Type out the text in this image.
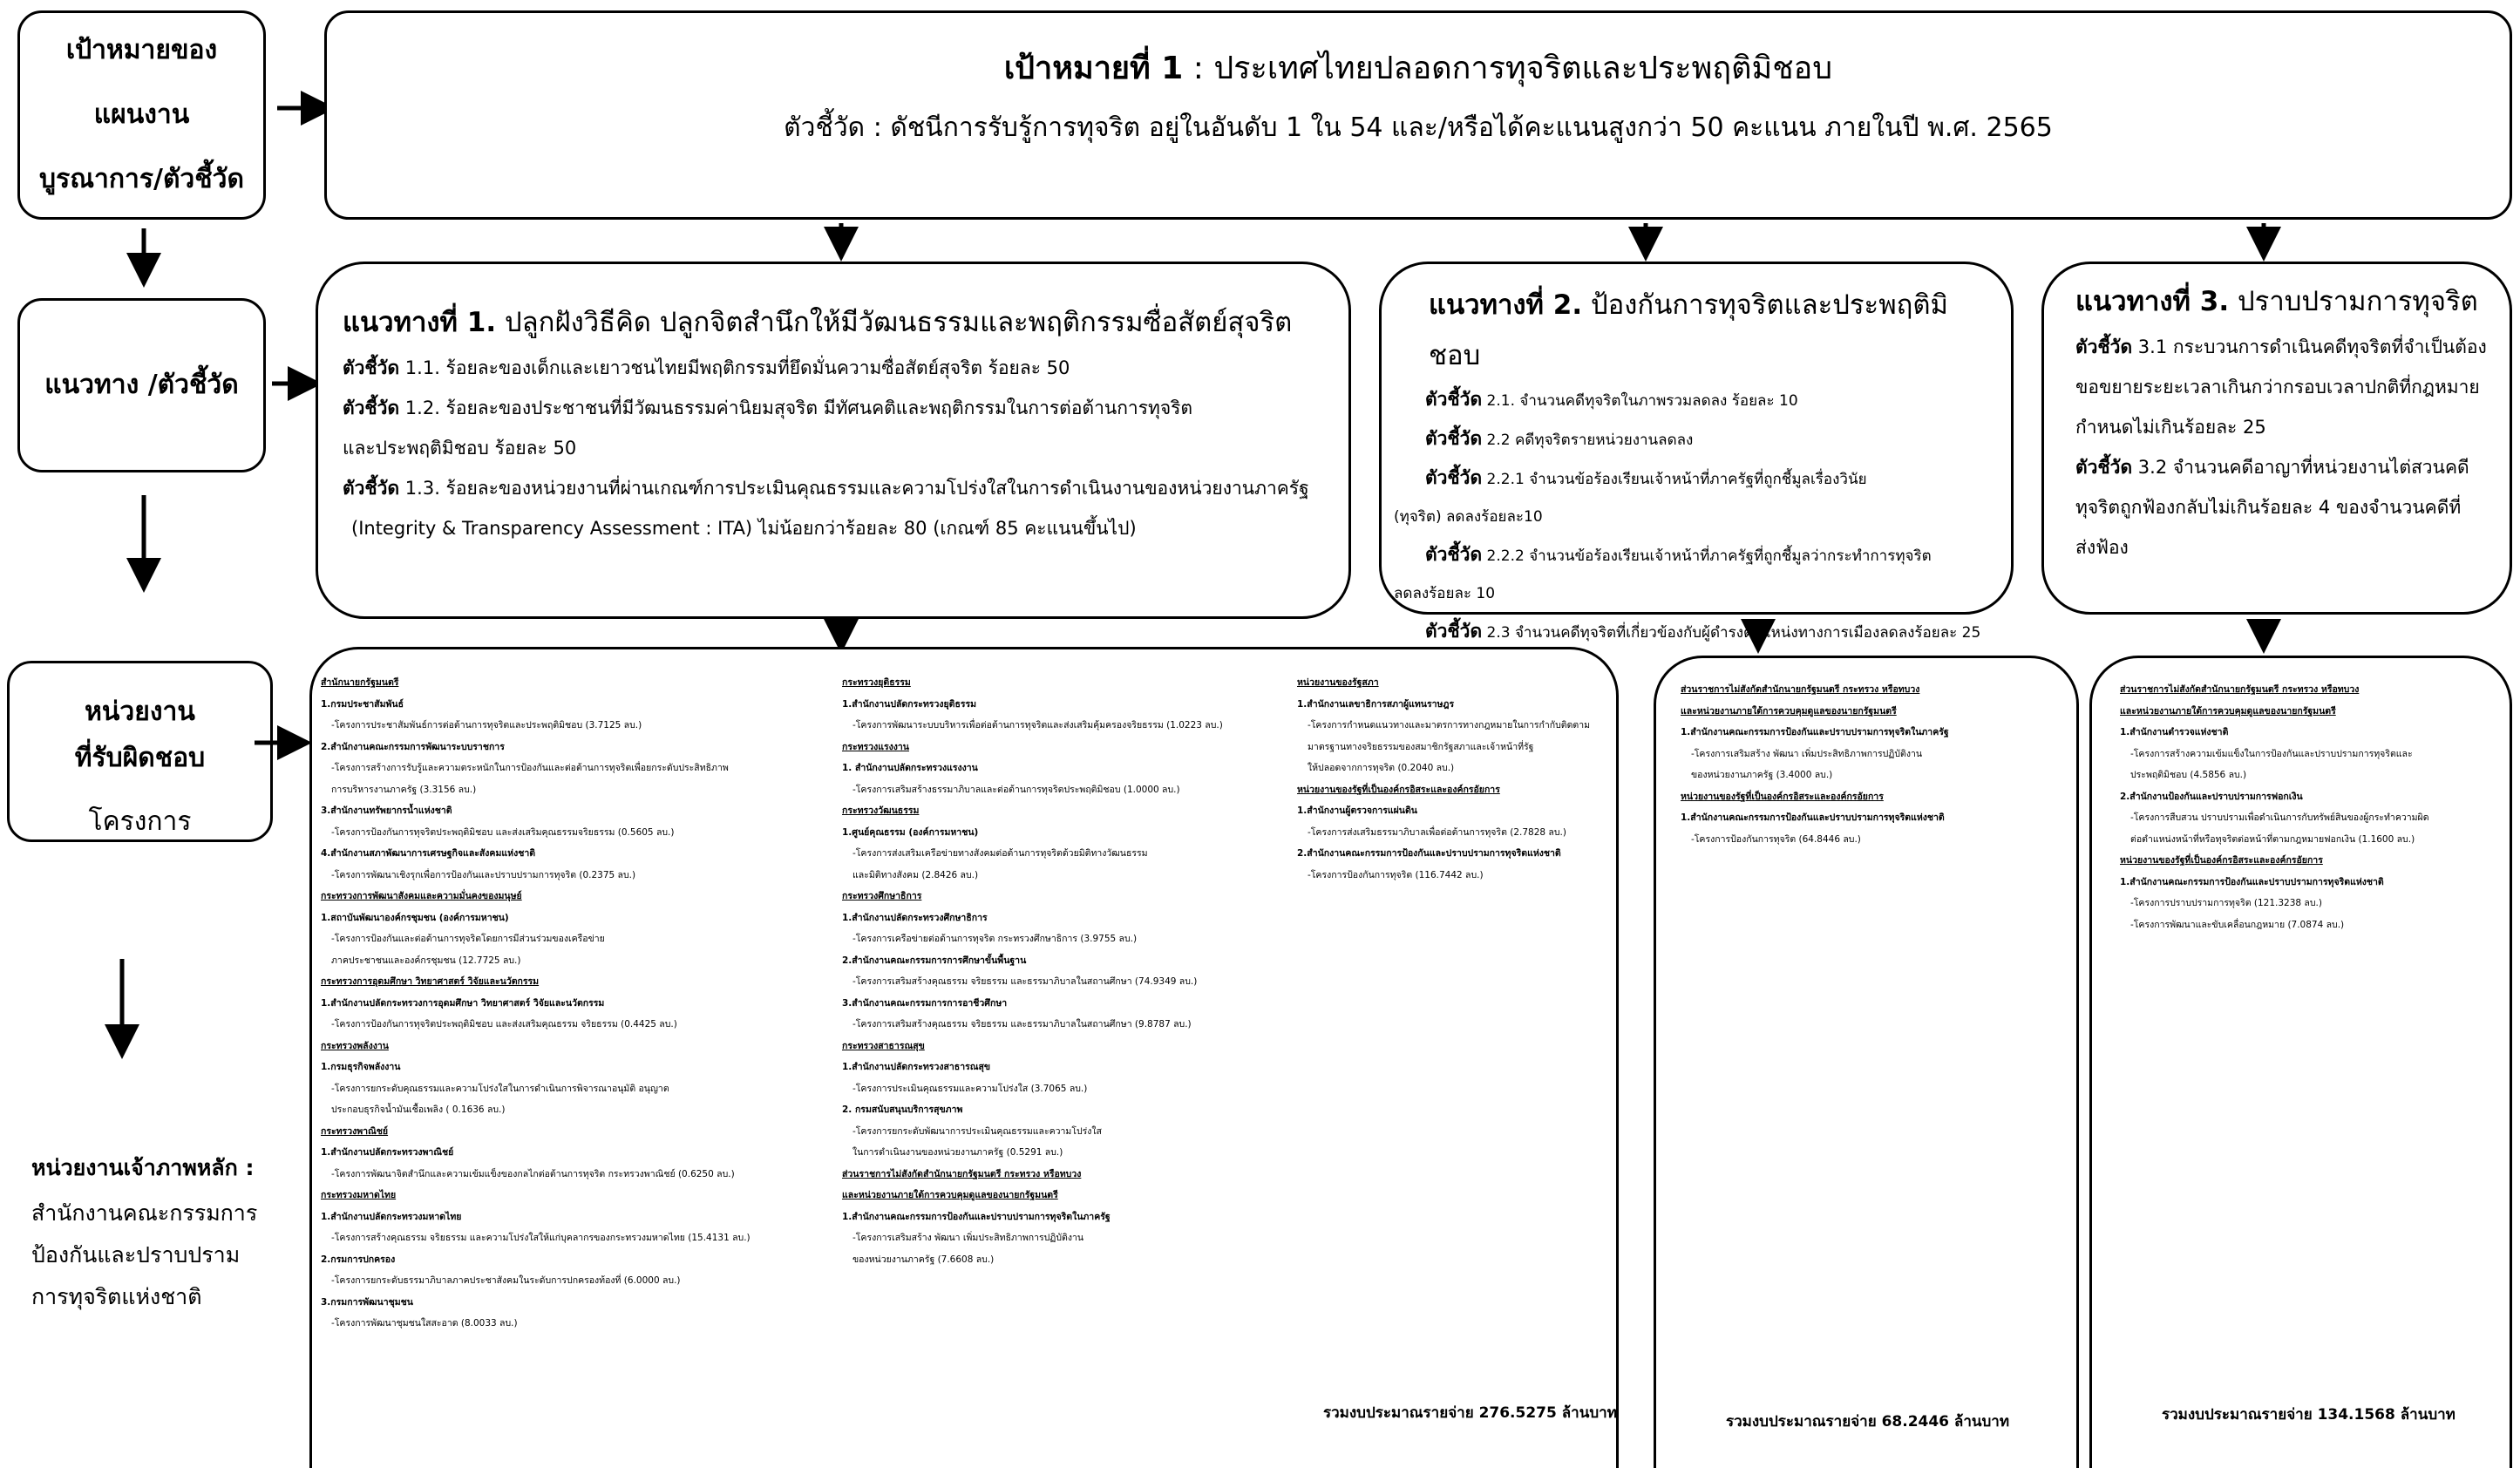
เป้าหมายของ
แผนงาน
บูรณาการ/ตัวชี้วัด
แนวทาง /ตัวชี้วัด
หน่วยงาน
ที่รับผิดชอบ
โครงการ
หน่วยงานเจ้าภาพหลัก :
สำนักงานคณะกรรมการ
ป้องกันและปราบปราม
การทุจริตแห่งชาติ
เป้าหมายที่ 1 : ประเทศไทยปลอดการทุจริตและประพฤติมิชอบ
ตัวชี้วัด : ดัชนีการรับรู้การทุจริต อยู่ในอันดับ 1 ใน 54 และ/หรือได้คะแนนสูงกว่า 50 คะแนน ภายในปี พ.ศ. 2565
แนวทางที่ 1. ปลูกฝังวิธีคิด ปลูกจิตสำนึกให้มีวัฒนธรรมและพฤติกรรมซื่อสัตย์สุจริต
ตัวชี้วัด 1.1. ร้อยละของเด็กและเยาวชนไทยมีพฤติกรรมที่ยึดมั่นความซื่อสัตย์สุจริต ร้อยละ 50
ตัวชี้วัด 1.2. ร้อยละของประชาชนที่มีวัฒนธรรมค่านิยมสุจริต มีทัศนคติและพฤติกรรมในการต่อต้านการทุจริต
และประพฤติมิชอบ ร้อยละ 50
ตัวชี้วัด 1.3. ร้อยละของหน่วยงานที่ผ่านเกณฑ์การประเมินคุณธรรมและความโปร่งใสในการดำเนินงานของหน่วยงานภาครัฐ
(Integrity & Transparency Assessment : ITA) ไม่น้อยกว่าร้อยละ 80 (เกณฑ์ 85 คะแนนขึ้นไป)
แนวทางที่ 2. ป้องกันการทุจริตและประพฤติมิชอบ
ตัวชี้วัด 2.1. จำนวนคดีทุจริตในภาพรวมลดลง ร้อยละ 10
ตัวชี้วัด 2.2 คดีทุจริตรายหน่วยงานลดลง
ตัวชี้วัด 2.2.1 จำนวนข้อร้องเรียนเจ้าหน้าที่ภาครัฐที่ถูกชี้มูลเรื่องวินัย
(ทุจริต) ลดลงร้อยละ10
ตัวชี้วัด 2.2.2 จำนวนข้อร้องเรียนเจ้าหน้าที่ภาครัฐที่ถูกชี้มูลว่ากระทำการทุจริต
ลดลงร้อยละ 10
ตัวชี้วัด 2.3 จำนวนคดีทุจริตที่เกี่ยวข้องกับผู้ดำรงตำแหน่งทางการเมืองลดลงร้อยละ 25
แนวทางที่ 3. ปราบปรามการทุจริต
ตัวชี้วัด 3.1 กระบวนการดำเนินคดีทุจริตที่จำเป็นต้อง
ขอขยายระยะเวลาเกินกว่ากรอบเวลาปกติที่กฎหมาย
กำหนดไม่เกินร้อยละ 25
ตัวชี้วัด 3.2 จำนวนคดีอาญาที่หน่วยงานไต่สวนคดี
ทุจริตถูกฟ้องกลับไม่เกินร้อยละ 4 ของจำนวนคดีที่
ส่งฟ้อง
สำนักนายกรัฐมนตรี
1.กรมประชาสัมพันธ์
-โครงการประชาสัมพันธ์การต่อต้านการทุจริตและประพฤติมิชอบ (3.7125 ลบ.)
2.สำนักงานคณะกรรมการพัฒนาระบบราชการ
-โครงการสร้างการรับรู้และความตระหนักในการป้องกันและต่อต้านการทุจริตเพื่อยกระดับประสิทธิภาพ
การบริหารงานภาครัฐ (3.3156 ลบ.)
3.สำนักงานทรัพยากรน้ำแห่งชาติ
-โครงการป้องกันการทุจริตประพฤติมิชอบ และส่งเสริมคุณธรรมจริยธรรม (0.5605 ลบ.)
4.สำนักงานสภาพัฒนาการเศรษฐกิจและสังคมแห่งชาติ
-โครงการพัฒนาเชิงรุกเพื่อการป้องกันและปราบปรามการทุจริต (0.2375 ลบ.)
กระทรวงการพัฒนาสังคมและความมั่นคงของมนุษย์
1.สถาบันพัฒนาองค์กรชุมชน (องค์การมหาชน)
-โครงการป้องกันและต่อต้านการทุจริตโดยการมีส่วนร่วมของเครือข่าย
ภาคประชาชนและองค์กรชุมชน (12.7725 ลบ.)
กระทรวงการอุดมศึกษา วิทยาศาสตร์ วิจัยและนวัตกรรม
1.สำนักงานปลัดกระทรวงการอุดมศึกษา วิทยาศาสตร์ วิจัยและนวัตกรรม
-โครงการป้องกันการทุจริตประพฤติมิชอบ และส่งเสริมคุณธรรม จริยธรรม (0.4425 ลบ.)
กระทรวงพลังงาน
1.กรมธุรกิจพลังงาน
-โครงการยกระดับคุณธรรมและความโปร่งใสในการดำเนินการพิจารณาอนุมัติ อนุญาต
ประกอบธุรกิจน้ำมันเชื้อเพลิง ( 0.1636 ลบ.)
กระทรวงพาณิชย์
1.สำนักงานปลัดกระทรวงพาณิชย์
-โครงการพัฒนาจิตสำนึกและความเข้มแข็งของกลไกต่อต้านการทุจริต กระทรวงพาณิชย์ (0.6250 ลบ.)
กระทรวงมหาดไทย
1.สำนักงานปลัดกระทรวงมหาดไทย
-โครงการสร้างคุณธรรม จริยธรรม และความโปร่งใสให้แก่บุคลากรของกระทรวงมหาดไทย (15.4131 ลบ.)
2.กรมการปกครอง
-โครงการยกระดับธรรมาภิบาลภาคประชาสังคมในระดับการปกครองท้องที่ (6.0000 ลบ.)
3.กรมการพัฒนาชุมชน
-โครงการพัฒนาชุมชนใสสะอาด (8.0033 ลบ.)
กระทรวงยุติธรรม
1.สำนักงานปลัดกระทรวงยุติธรรม
-โครงการพัฒนาระบบบริหารเพื่อต่อต้านการทุจริตและส่งเสริมคุ้มครองจริยธรรม (1.0223 ลบ.)
กระทรวงแรงงาน
1. สำนักงานปลัดกระทรวงแรงงาน
-โครงการเสริมสร้างธรรมาภิบาลและต่อต้านการทุจริตประพฤติมิชอบ (1.0000 ลบ.)
กระทรวงวัฒนธรรม
1.ศูนย์คุณธรรม (องค์การมหาชน)
-โครงการส่งเสริมเครือข่ายทางสังคมต่อต้านการทุจริตด้วยมิติทางวัฒนธรรม
และมิติทางสังคม (2.8426 ลบ.)
กระทรวงศึกษาธิการ
1.สำนักงานปลัดกระทรวงศึกษาธิการ
-โครงการเครือข่ายต่อต้านการทุจริต กระทรวงศึกษาธิการ (3.9755 ลบ.)
2.สำนักงานคณะกรรมการการศึกษาขั้นพื้นฐาน
-โครงการเสริมสร้างคุณธรรม จริยธรรม และธรรมาภิบาลในสถานศึกษา (74.9349 ลบ.)
3.สำนักงานคณะกรรมการการอาชีวศึกษา
-โครงการเสริมสร้างคุณธรรม จริยธรรม และธรรมาภิบาลในสถานศึกษา (9.8787 ลบ.)
กระทรวงสาธารณสุข
1.สำนักงานปลัดกระทรวงสาธารณสุข
-โครงการประเมินคุณธรรมและความโปร่งใส (3.7065 ลบ.)
2. กรมสนับสนุนบริการสุขภาพ
-โครงการยกระดับพัฒนาการประเมินคุณธรรมและความโปร่งใส
ในการดำเนินงานของหน่วยงานภาครัฐ (0.5291 ลบ.)
ส่วนราชการไม่สังกัดสำนักนายกรัฐมนตรี กระทรวง หรือทบวง
และหน่วยงานภายใต้การควบคุมดูแลของนายกรัฐมนตรี
1.สำนักงานคณะกรรมการป้องกันและปราบปรามการทุจริตในภาครัฐ
-โครงการเสริมสร้าง พัฒนา เพิ่มประสิทธิภาพการปฏิบัติงาน
ของหน่วยงานภาครัฐ (7.6608 ลบ.)
หน่วยงานของรัฐสภา
1.สำนักงานเลขาธิการสภาผู้แทนราษฎร
-โครงการกำหนดแนวทางและมาตรการทางกฎหมายในการกำกับติดตาม
มาตรฐานทางจริยธรรมของสมาชิกรัฐสภาและเจ้าหน้าที่รัฐ
ให้ปลอดจากการทุจริต (0.2040 ลบ.)
หน่วยงานของรัฐที่เป็นองค์กรอิสระและองค์กรอัยการ
1.สำนักงานผู้ตรวจการแผ่นดิน
-โครงการส่งเสริมธรรมาภิบาลเพื่อต่อต้านการทุจริต (2.7828 ลบ.)
2.สำนักงานคณะกรรมการป้องกันและปราบปรามการทุจริตแห่งชาติ
-โครงการป้องกันการทุจริต (116.7442 ลบ.)
รวมงบประมาณรายจ่าย 276.5275 ล้านบาท
ส่วนราชการไม่สังกัดสำนักนายกรัฐมนตรี กระทรวง หรือทบวง
และหน่วยงานภายใต้การควบคุมดูแลของนายกรัฐมนตรี
1.สำนักงานคณะกรรมการป้องกันและปราบปรามการทุจริตในภาครัฐ
-โครงการเสริมสร้าง พัฒนา เพิ่มประสิทธิภาพการปฏิบัติงาน
ของหน่วยงานภาครัฐ (3.4000 ลบ.)
หน่วยงานของรัฐที่เป็นองค์กรอิสระและองค์กรอัยการ
1.สำนักงานคณะกรรมการป้องกันและปราบปรามการทุจริตแห่งชาติ
-โครงการป้องกันการทุจริต (64.8446 ลบ.)
รวมงบประมาณรายจ่าย 68.2446 ล้านบาท
ส่วนราชการไม่สังกัดสำนักนายกรัฐมนตรี กระทรวง หรือทบวง
และหน่วยงานภายใต้การควบคุมดูแลของนายกรัฐมนตรี
1.สำนักงานตำรวจแห่งชาติ
-โครงการสร้างความเข้มแข็งในการป้องกันและปราบปรามการทุจริตและ
ประพฤติมิชอบ (4.5856 ลบ.)
2.สำนักงานป้องกันและปราบปรามการฟอกเงิน
-โครงการสืบสวน ปราบปรามเพื่อดำเนินการกับทรัพย์สินของผู้กระทำความผิด
ต่อตำแหน่งหน้าที่หรือทุจริตต่อหน้าที่ตามกฎหมายฟอกเงิน (1.1600 ลบ.)
หน่วยงานของรัฐที่เป็นองค์กรอิสระและองค์กรอัยการ
1.สำนักงานคณะกรรมการป้องกันและปราบปรามการทุจริตแห่งชาติ
-โครงการปราบปรามการทุจริต (121.3238 ลบ.)
-โครงการพัฒนาและขับเคลื่อนกฎหมาย (7.0874 ลบ.)
รวมงบประมาณรายจ่าย 134.1568 ล้านบาท
